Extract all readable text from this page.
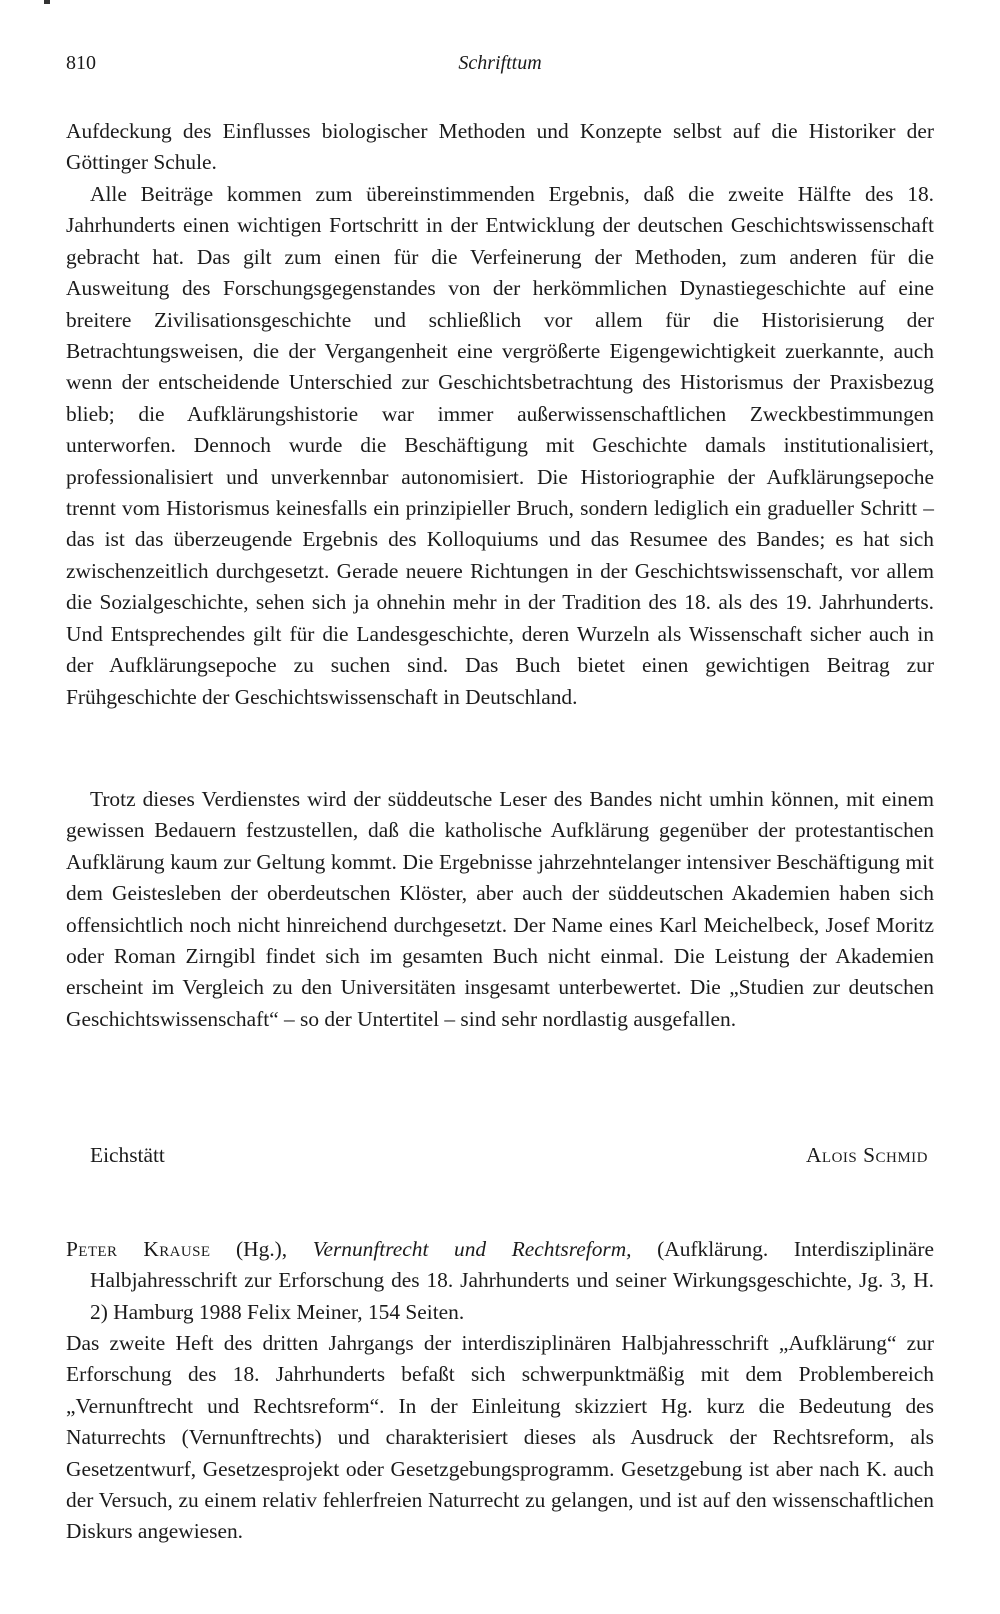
810	Schrifttum

Aufdeckung des Einflusses biologischer Methoden und Konzepte selbst auf die Historiker der Göttinger Schule.

Alle Beiträge kommen zum übereinstimmenden Ergebnis, daß die zweite Hälfte des 18. Jahrhunderts einen wichtigen Fortschritt in der Entwicklung der deutschen Geschichtswissenschaft gebracht hat. Das gilt zum einen für die Verfeinerung der Methoden, zum anderen für die Ausweitung des Forschungsgegenstandes von der herkömmlichen Dynastiegeschichte auf eine breitere Zivilisationsgeschichte und schließlich vor allem für die Historisierung der Betrachtungsweisen, die der Vergangenheit eine vergrößerte Eigengewichtigkeit zuerkannte, auch wenn der entscheidende Unterschied zur Geschichtsbetrachtung des Historismus der Praxisbezug blieb; die Aufklärungshistorie war immer außerwissenschaftlichen Zweckbestimmungen unterworfen. Dennoch wurde die Beschäftigung mit Geschichte damals institutionalisiert, professionalisiert und unverkennbar autonomisiert. Die Historiographie der Aufklärungsepoche trennt vom Historismus keinesfalls ein prinzipieller Bruch, sondern lediglich ein gradueller Schritt – das ist das überzeugende Ergebnis des Kolloquiums und das Resumee des Bandes; es hat sich zwischenzeitlich durchgesetzt. Gerade neuere Richtungen in der Geschichtswissenschaft, vor allem die Sozialgeschichte, sehen sich ja ohnehin mehr in der Tradition des 18. als des 19. Jahrhunderts. Und Entsprechendes gilt für die Landesgeschichte, deren Wurzeln als Wissenschaft sicher auch in der Aufklärungsepoche zu suchen sind. Das Buch bietet einen gewichtigen Beitrag zur Frühgeschichte der Geschichtswissenschaft in Deutschland.

Trotz dieses Verdienstes wird der süddeutsche Leser des Bandes nicht umhin können, mit einem gewissen Bedauern festzustellen, daß die katholische Aufklärung gegenüber der protestantischen Aufklärung kaum zur Geltung kommt. Die Ergebnisse jahrzehntelanger intensiver Beschäftigung mit dem Geistesleben der oberdeutschen Klöster, aber auch der süddeutschen Akademien haben sich offensichtlich noch nicht hinreichend durchgesetzt. Der Name eines Karl Meichelbeck, Josef Moritz oder Roman Zirngibl findet sich im gesamten Buch nicht einmal. Die Leistung der Akademien erscheint im Vergleich zu den Universitäten insgesamt unterbewertet. Die „Studien zur deutschen Geschichtswissenschaft“ – so der Untertitel – sind sehr nordlastig ausgefallen.

Eichstätt	Alois Schmid

Peter Krause (Hg.), Vernunftrecht und Rechtsreform, (Aufklärung. Interdisziplinäre Halbjahresschrift zur Erforschung des 18. Jahrhunderts und seiner Wirkungsgeschichte, Jg. 3, H. 2) Hamburg 1988 Felix Meiner, 154 Seiten.

Das zweite Heft des dritten Jahrgangs der interdisziplinären Halbjahresschrift „Aufklärung“ zur Erforschung des 18. Jahrhunderts befaßt sich schwerpunktmäßig mit dem Problembereich „Vernunftrecht und Rechtsreform“. In der Einleitung skizziert Hg. kurz die Bedeutung des Naturrechts (Vernunftrechts) und charakterisiert dieses als Ausdruck der Rechtsreform, als Gesetzentwurf, Gesetzesprojekt oder Gesetzgebungsprogramm. Gesetzgebung ist aber nach K. auch der Versuch, zu einem relativ fehlerfreien Naturrecht zu gelangen, und ist auf den wissenschaftlichen Diskurs angewiesen.
